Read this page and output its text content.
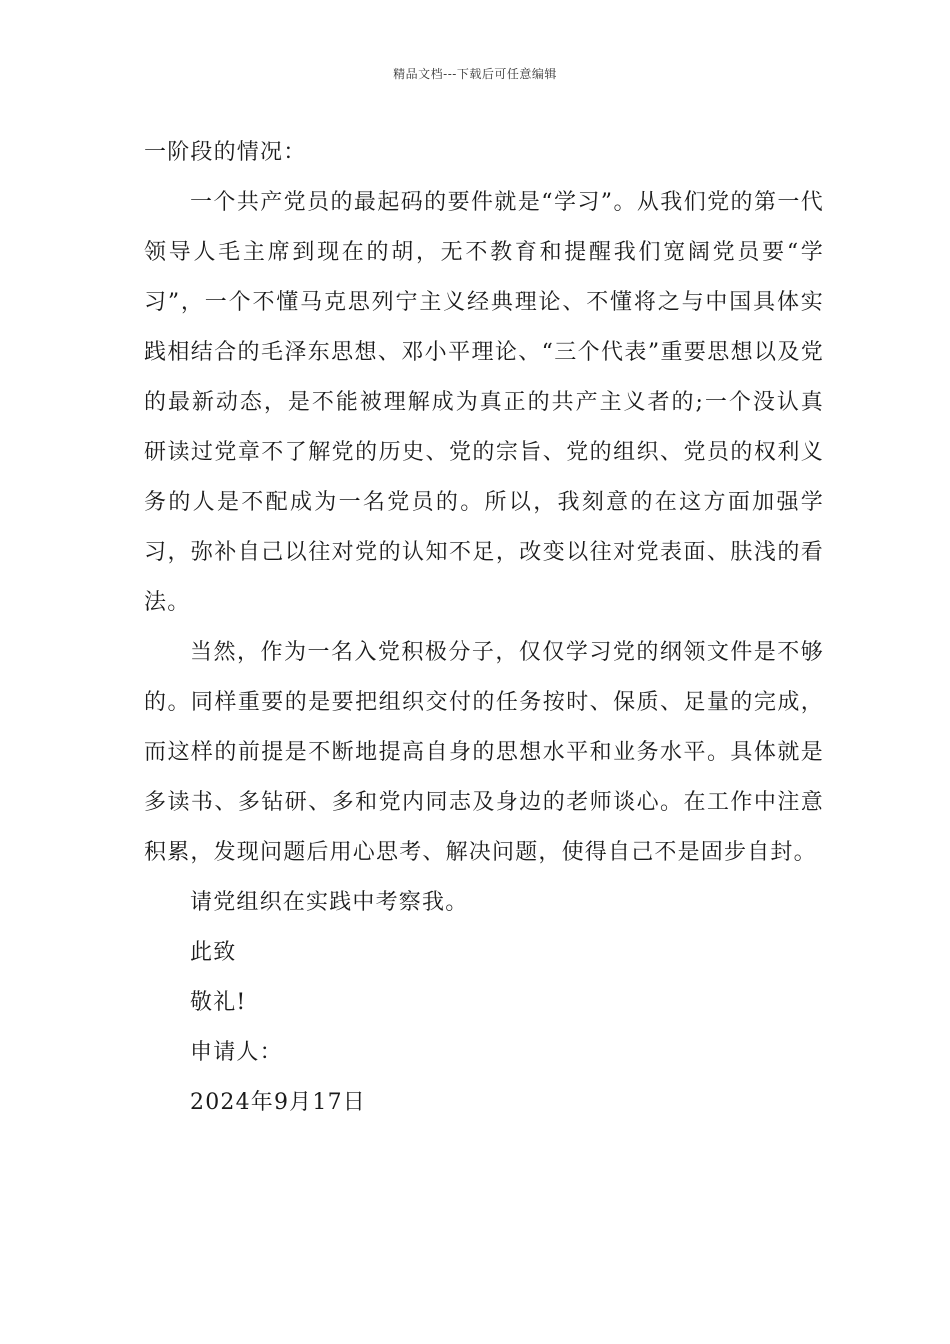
精品文档---下载后可任意编辑

一阶段的情况：

一个共产党员的最起码的要件就是“学习”。从我们党的第一代领导人毛主席到现在的胡，无不教育和提醒我们宽阔党员要“学习”，一个不懂马克思列宁主义经典理论、不懂将之与中国具体实践相结合的毛泽东思想、邓小平理论、“三个代表”重要思想以及党的最新动态，是不能被理解成为真正的共产主义者的;一个没认真研读过党章不了解党的历史、党的宗旨、党的组织、党员的权利义务的人是不配成为一名党员的。所以，我刻意的在这方面加强学习，弥补自己以往对党的认知不足，改变以往对党表面、肤浅的看法。

当然，作为一名入党积极分子，仅仅学习党的纲领文件是不够的。同样重要的是要把组织交付的任务按时、保质、足量的完成，而这样的前提是不断地提高自身的思想水平和业务水平。具体就是多读书、多钻研、多和党内同志及身边的老师谈心。在工作中注意积累，发现问题后用心思考、解决问题，使得自己不是固步自封。

请党组织在实践中考察我。

此致

敬礼!

申请人：

2024年9月17日
